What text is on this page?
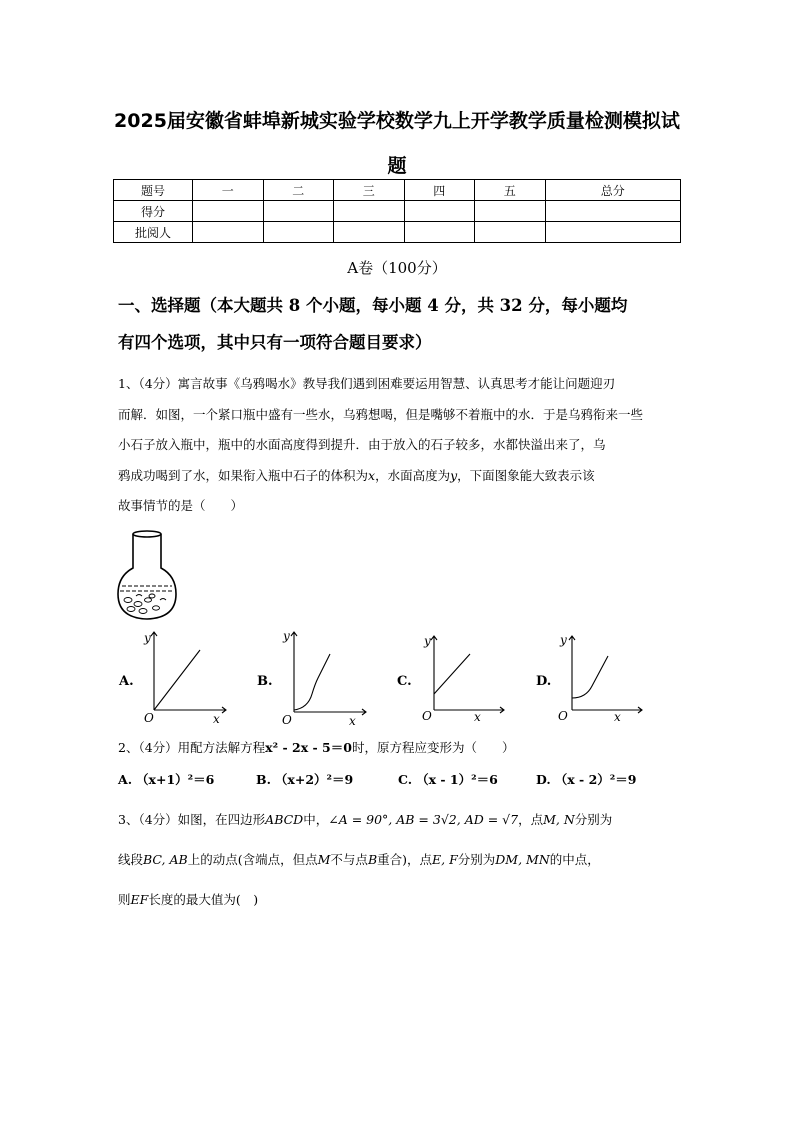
2025届安徽省蚌埠新城实验学校数学九上开学教学质量检测模拟试
题
题号	一	二	三	四	五	总分
得分						
批阅人						
A卷（100分）
一、选择题（本大题共 8 个小题，每小题 4 分，共 32 分，每小题均
有四个选项，其中只有一项符合题目要求）
1、（4分）寓言故事《乌鸦喝水》教导我们遇到困难要运用智慧、认真思考才能让问题迎刃
而解．如图，一个紧口瓶中盛有一些水，乌鸦想喝，但是嘴够不着瓶中的水．于是乌鸦衔来一些
小石子放入瓶中，瓶中的水面高度得到提升．由于放入的石子较多，水都快溢出来了，乌
鸦成功喝到了水，如果衔入瓶中石子的体积为x，水面高度为y，下面图象能大致表示该
故事情节的是（　　）
A.
y
O	x
B.
y
O	x
C.
y
O	x
D.
y
O	x
2、（4分）用配方法解方程x² - 2x - 5＝0时，原方程应变形为（　　）
A. （x+1）²＝6	B. （x+2）²＝9	C. （x - 1）²＝6	D. （x - 2）²＝9
3、（4分）如图，在四边形ABCD中，∠A = 90°, AB = 3√2, AD = √7，点M, N分别为
线段BC, AB上的动点(含端点，但点M不与点B重合)，点E, F分别为DM, MN的中点，
则EF长度的最大值为(　)
